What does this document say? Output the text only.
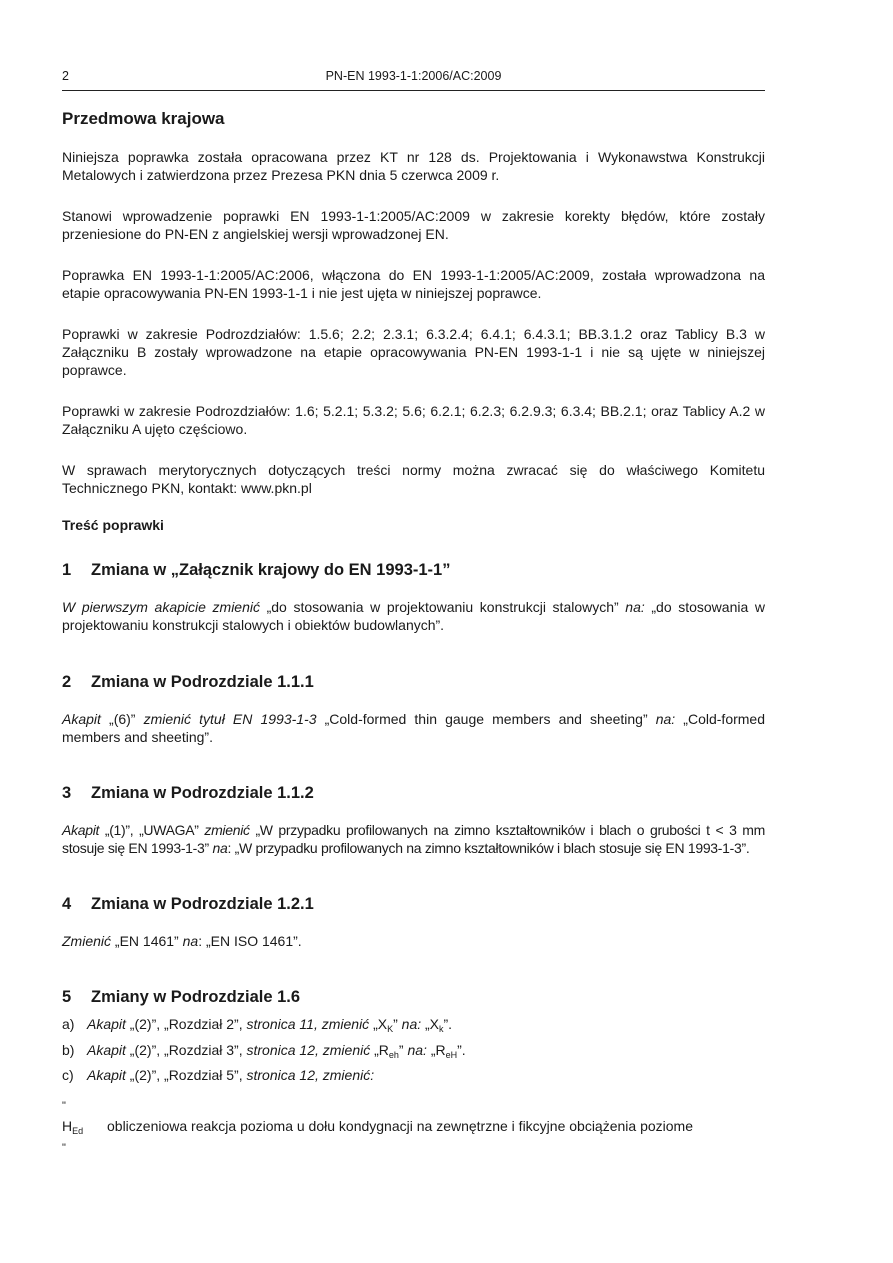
2	PN-EN 1993-1-1:2006/AC:2009
Przedmowa krajowa

Niniejsza poprawka została opracowana przez KT nr 128 ds. Projektowania i Wykonawstwa Konstrukcji Metalowych i zatwierdzona przez Prezesa PKN dnia 5 czerwca 2009 r.

Stanowi wprowadzenie poprawki EN 1993-1-1:2005/AC:2009 w zakresie korekty błędów, które zostały przeniesione do PN-EN z angielskiej wersji wprowadzonej EN.

Poprawka EN 1993-1-1:2005/AC:2006, włączona do EN 1993-1-1:2005/AC:2009, została wprowadzona na etapie opracowywania PN-EN 1993-1-1 i nie jest ujęta w niniejszej poprawce.

Poprawki w zakresie Podrozdziałów: 1.5.6; 2.2; 2.3.1; 6.3.2.4; 6.4.1; 6.4.3.1; BB.3.1.2 oraz Tablicy B.3 w Załączniku B zostały wprowadzone na etapie opracowywania PN-EN 1993-1-1 i nie są ujęte w niniejszej poprawce.

Poprawki w zakresie Podrozdziałów: 1.6; 5.2.1; 5.3.2; 5.6; 6.2.1; 6.2.3; 6.2.9.3; 6.3.4; BB.2.1; oraz Tablicy A.2 w Załączniku A ujęto częściowo.

W sprawach merytorycznych dotyczących treści normy można zwracać się do właściwego Komitetu Technicznego PKN, kontakt: www.pkn.pl

Treść poprawki
1 Zmiana w „Załącznik krajowy do EN 1993-1-1”

W pierwszym akapicie zmienić „do stosowania w projektowaniu konstrukcji stalowych” na: „do stosowania w projektowaniu konstrukcji stalowych i obiektów budowlanych”.

2 Zmiana w Podrozdziale 1.1.1

Akapit „(6)” zmienić tytuł EN 1993-1-3 „Cold-formed thin gauge members and sheeting” na: „Cold-formed members and sheeting”.

3 Zmiana w Podrozdziale 1.1.2

Akapit „(1)”, „UWAGA” zmienić „W przypadku profilowanych na zimno kształtowników i blach o grubości t < 3 mm stosuje się EN 1993-1-3” na: „W przypadku profilowanych na zimno kształtowników i blach stosuje się EN 1993-1-3”.

4 Zmiana w Podrozdziale 1.2.1

Zmienić „EN 1461” na: „EN ISO 1461”.

5 Zmiany w Podrozdziale 1.6

a) Akapit „(2)”, „Rozdział 2”, stronica 11, zmienić $„X_K$” na: $„X_k$”.

b) Akapit „(2)”, „Rozdział 3”, stronica 12, zmienić $„R_{eh}$” na: $„R_{eH}$”.

c) Akapit „(2)”, „Rozdział 5”, stronica 12, zmienić:

"
$H_{Ed}$ obliczeniowa reakcja pozioma u dołu kondygnacji na zewnętrzne i fikcyjne obciążenia poziome
"
